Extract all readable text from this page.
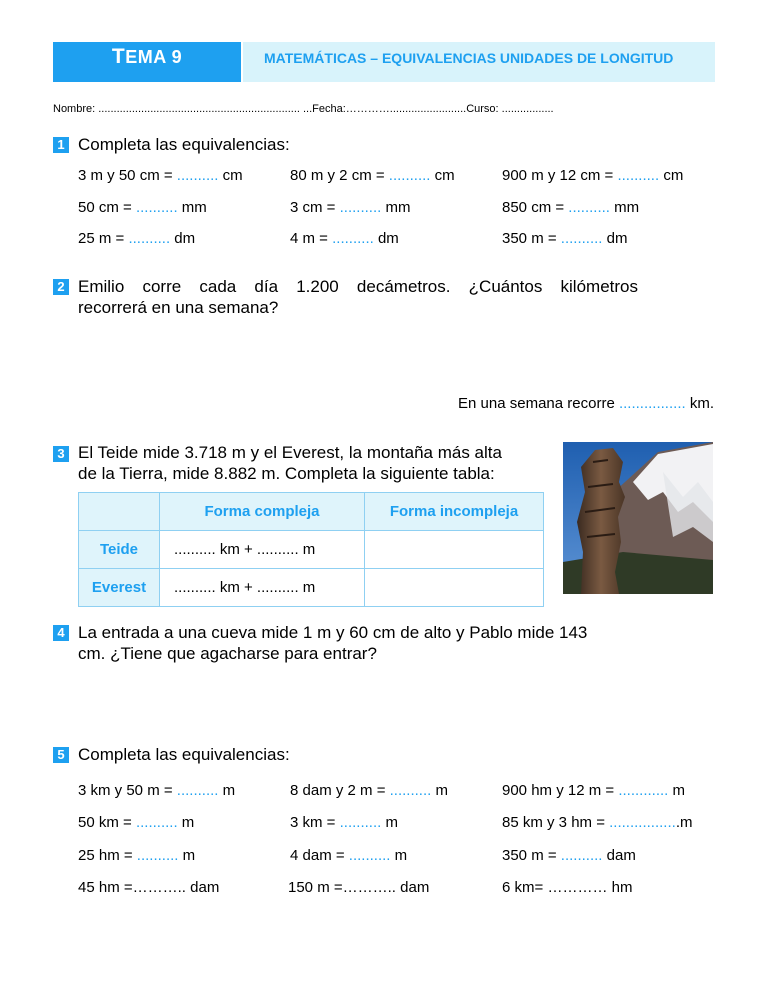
TEMA 9	MATEMÁTICAS – EQUIVALENCIAS UNIDADES DE LONGITUD
Nombre: .................................................................. ...Fecha:………….........................Curso: .................
1 Completa las equivalencias:
3 m y 50 cm = .......... cm	80 m y 2 cm = .......... cm	900 m y 12 cm = .......... cm
50 cm = .......... mm	3 cm = .......... mm	850 cm = .......... mm
25 m = .......... dm	4 m = .......... dm	350 m = .......... dm
2 Emilio corre cada día 1.200 decámetros. ¿Cuántos kilómetros
recorrerá en una semana?
En una semana recorre ................ km.
3 El Teide mide 3.718 m y el Everest, la montaña más alta
de la Tierra, mide 8.882 m. Completa la siguiente tabla:
	Forma compleja	Forma incompleja
Teide	.......... km + .......... m	
Everest	.......... km + .......... m	
4 La entrada a una cueva mide 1 m y 60 cm de alto y Pablo mide 143
cm. ¿Tiene que agacharse para entrar?
5 Completa las equivalencias:
3 km y 50 m = .......... m	8 dam y 2 m = .......... m	900 hm y 12 m = ............ m
50 km = .......... m	3 km = .......... m	85 km y 3 hm = .................m
25 hm = .......... m	4 dam = .......... m	350 m = .......... dam
45 hm =……….. dam	150 m =……….. dam	6 km= ………… hm
